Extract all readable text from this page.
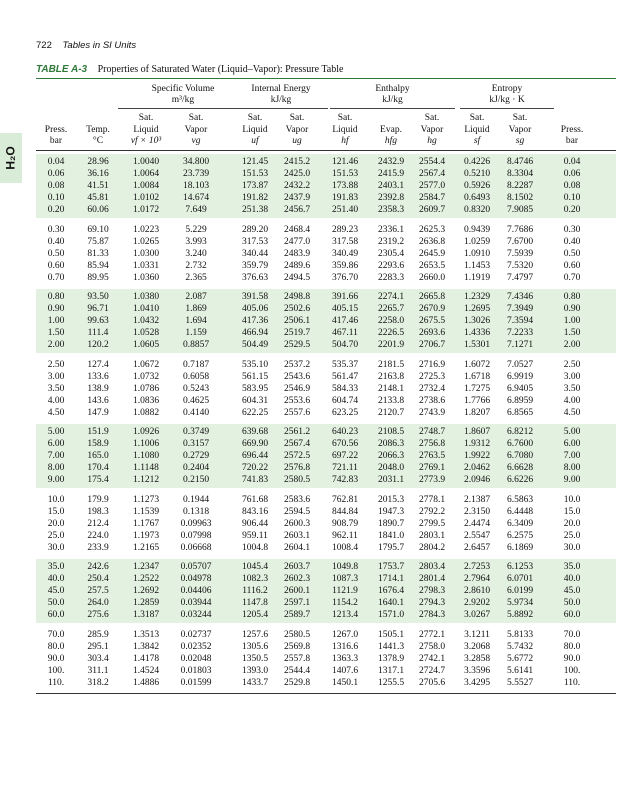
H₂O
722 Tables in SI Units
TABLE A-3 Properties of Saturated Water (Liquid–Vapor): Pressure Table
Specific Volume
m³/kg
Internal Energy
kJ/kg
Enthalpy
kJ/kg
Entropy
kJ/kg · K

Press.
bar

Temp.
°C
Sat.
Liquid
vf × 10³
Sat.
Vapor
vg
Sat.
Liquid
uf
Sat.
Vapor
ug
Sat.
Liquid
hf

Evap.
hfg
Sat.
Vapor
hg
Sat.
Liquid
sf
Sat.
Vapor
sg

Press.
bar
0.04	28.96	1.0040	34.800	121.45	2415.2	121.46	2432.9	2554.4	0.4226	8.4746	0.04
0.06	36.16	1.0064	23.739	151.53	2425.0	151.53	2415.9	2567.4	0.5210	8.3304	0.06
0.08	41.51	1.0084	18.103	173.87	2432.2	173.88	2403.1	2577.0	0.5926	8.2287	0.08
0.10	45.81	1.0102	14.674	191.82	2437.9	191.83	2392.8	2584.7	0.6493	8.1502	0.10
0.20	60.06	1.0172	7.649	251.38	2456.7	251.40	2358.3	2609.7	0.8320	7.9085	0.20
0.30	69.10	1.0223	5.229	289.20	2468.4	289.23	2336.1	2625.3	0.9439	7.7686	0.30
0.40	75.87	1.0265	3.993	317.53	2477.0	317.58	2319.2	2636.8	1.0259	7.6700	0.40
0.50	81.33	1.0300	3.240	340.44	2483.9	340.49	2305.4	2645.9	1.0910	7.5939	0.50
0.60	85.94	1.0331	2.732	359.79	2489.6	359.86	2293.6	2653.5	1.1453	7.5320	0.60
0.70	89.95	1.0360	2.365	376.63	2494.5	376.70	2283.3	2660.0	1.1919	7.4797	0.70
0.80	93.50	1.0380	2.087	391.58	2498.8	391.66	2274.1	2665.8	1.2329	7.4346	0.80
0.90	96.71	1.0410	1.869	405.06	2502.6	405.15	2265.7	2670.9	1.2695	7.3949	0.90
1.00	99.63	1.0432	1.694	417.36	2506.1	417.46	2258.0	2675.5	1.3026	7.3594	1.00
1.50	111.4	1.0528	1.159	466.94	2519.7	467.11	2226.5	2693.6	1.4336	7.2233	1.50
2.00	120.2	1.0605	0.8857	504.49	2529.5	504.70	2201.9	2706.7	1.5301	7.1271	2.00
2.50	127.4	1.0672	0.7187	535.10	2537.2	535.37	2181.5	2716.9	1.6072	7.0527	2.50
3.00	133.6	1.0732	0.6058	561.15	2543.6	561.47	2163.8	2725.3	1.6718	6.9919	3.00
3.50	138.9	1.0786	0.5243	583.95	2546.9	584.33	2148.1	2732.4	1.7275	6.9405	3.50
4.00	143.6	1.0836	0.4625	604.31	2553.6	604.74	2133.8	2738.6	1.7766	6.8959	4.00
4.50	147.9	1.0882	0.4140	622.25	2557.6	623.25	2120.7	2743.9	1.8207	6.8565	4.50
5.00	151.9	1.0926	0.3749	639.68	2561.2	640.23	2108.5	2748.7	1.8607	6.8212	5.00
6.00	158.9	1.1006	0.3157	669.90	2567.4	670.56	2086.3	2756.8	1.9312	6.7600	6.00
7.00	165.0	1.1080	0.2729	696.44	2572.5	697.22	2066.3	2763.5	1.9922	6.7080	7.00
8.00	170.4	1.1148	0.2404	720.22	2576.8	721.11	2048.0	2769.1	2.0462	6.6628	8.00
9.00	175.4	1.1212	0.2150	741.83	2580.5	742.83	2031.1	2773.9	2.0946	6.6226	9.00
10.0	179.9	1.1273	0.1944	761.68	2583.6	762.81	2015.3	2778.1	2.1387	6.5863	10.0
15.0	198.3	1.1539	0.1318	843.16	2594.5	844.84	1947.3	2792.2	2.3150	6.4448	15.0
20.0	212.4	1.1767	0.09963	906.44	2600.3	908.79	1890.7	2799.5	2.4474	6.3409	20.0
25.0	224.0	1.1973	0.07998	959.11	2603.1	962.11	1841.0	2803.1	2.5547	6.2575	25.0
30.0	233.9	1.2165	0.06668	1004.8	2604.1	1008.4	1795.7	2804.2	2.6457	6.1869	30.0
35.0	242.6	1.2347	0.05707	1045.4	2603.7	1049.8	1753.7	2803.4	2.7253	6.1253	35.0
40.0	250.4	1.2522	0.04978	1082.3	2602.3	1087.3	1714.1	2801.4	2.7964	6.0701	40.0
45.0	257.5	1.2692	0.04406	1116.2	2600.1	1121.9	1676.4	2798.3	2.8610	6.0199	45.0
50.0	264.0	1.2859	0.03944	1147.8	2597.1	1154.2	1640.1	2794.3	2.9202	5.9734	50.0
60.0	275.6	1.3187	0.03244	1205.4	2589.7	1213.4	1571.0	2784.3	3.0267	5.8892	60.0
70.0	285.9	1.3513	0.02737	1257.6	2580.5	1267.0	1505.1	2772.1	3.1211	5.8133	70.0
80.0	295.1	1.3842	0.02352	1305.6	2569.8	1316.6	1441.3	2758.0	3.2068	5.7432	80.0
90.0	303.4	1.4178	0.02048	1350.5	2557.8	1363.3	1378.9	2742.1	3.2858	5.6772	90.0
100.	311.1	1.4524	0.01803	1393.0	2544.4	1407.6	1317.1	2724.7	3.3596	5.6141	100.
110.	318.2	1.4886	0.01599	1433.7	2529.8	1450.1	1255.5	2705.6	3.4295	5.5527	110.
